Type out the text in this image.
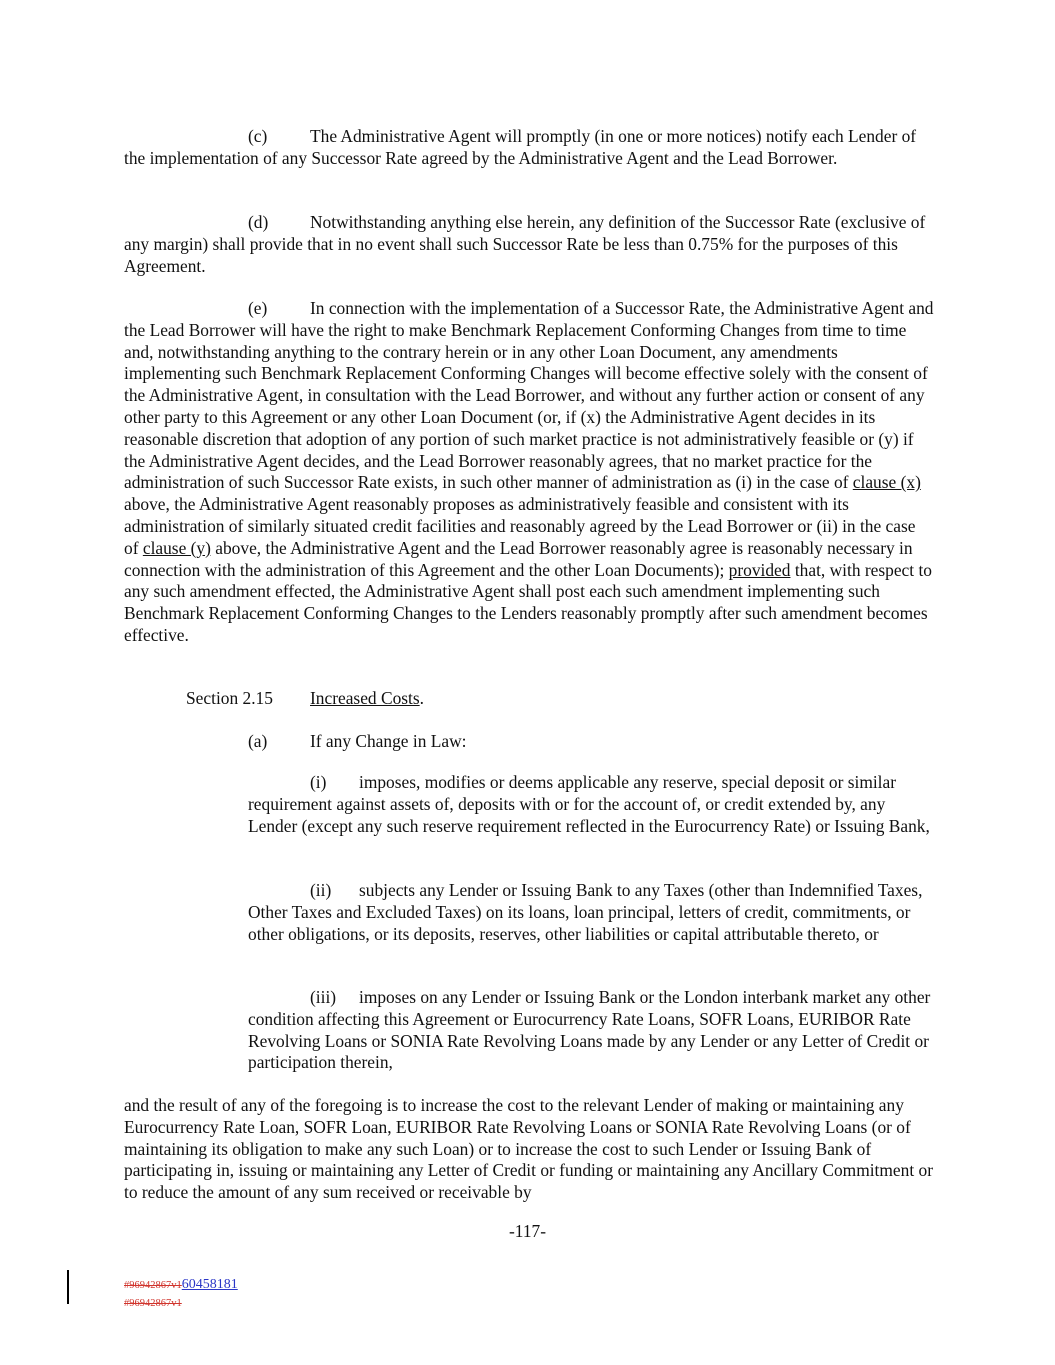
(c) The Administrative Agent will promptly (in one or more notices) notify each Lender of the implementation of any Successor Rate agreed by the Administrative Agent and the Lead Borrower.

(d) Notwithstanding anything else herein, any definition of the Successor Rate (exclusive of any margin) shall provide that in no event shall such Successor Rate be less than 0.75% for the purposes of this Agreement.

(e) In connection with the implementation of a Successor Rate, the Administrative Agent and the Lead Borrower will have the right to make Benchmark Replacement Conforming Changes from time to time and, notwithstanding anything to the contrary herein or in any other Loan Document, any amendments implementing such Benchmark Replacement Conforming Changes will become effective solely with the consent of the Administrative Agent, in consultation with the Lead Borrower, and without any further action or consent of any other party to this Agreement or any other Loan Document (or, if (x) the Administrative Agent decides in its reasonable discretion that adoption of any portion of such market practice is not administratively feasible or (y) if the Administrative Agent decides, and the Lead Borrower reasonably agrees, that no market practice for the administration of such Successor Rate exists, in such other manner of administration as (i) in the case of clause (x) above, the Administrative Agent reasonably proposes as administratively feasible and consistent with its administration of similarly situated credit facilities and reasonably agreed by the Lead Borrower or (ii) in the case of clause (y) above, the Administrative Agent and the Lead Borrower reasonably agree is reasonably necessary in connection with the administration of this Agreement and the other Loan Documents); provided that, with respect to any such amendment effected, the Administrative Agent shall post each such amendment implementing such Benchmark Replacement Conforming Changes to the Lenders reasonably promptly after such amendment becomes effective.

Section 2.15 Increased Costs.

(a) If any Change in Law:

(i) imposes, modifies or deems applicable any reserve, special deposit or similar requirement against assets of, deposits with or for the account of, or credit extended by, any Lender (except any such reserve requirement reflected in the Eurocurrency Rate) or Issuing Bank,

(ii) subjects any Lender or Issuing Bank to any Taxes (other than Indemnified Taxes, Other Taxes and Excluded Taxes) on its loans, loan principal, letters of credit, commitments, or other obligations, or its deposits, reserves, other liabilities or capital attributable thereto, or

(iii) imposes on any Lender or Issuing Bank or the London interbank market any other condition affecting this Agreement or Eurocurrency Rate Loans, SOFR Loans, EURIBOR Rate Revolving Loans or SONIA Rate Revolving Loans made by any Lender or any Letter of Credit or participation therein,

and the result of any of the foregoing is to increase the cost to the relevant Lender of making or maintaining any Eurocurrency Rate Loan, SOFR Loan, EURIBOR Rate Revolving Loans or SONIA Rate Revolving Loans (or of maintaining its obligation to make any such Loan) or to increase the cost to such Lender or Issuing Bank of participating in, issuing or maintaining any Letter of Credit or funding or maintaining any Ancillary Commitment or to reduce the amount of any sum received or receivable by

-117-

#96942867v160458181

#96942867v1
